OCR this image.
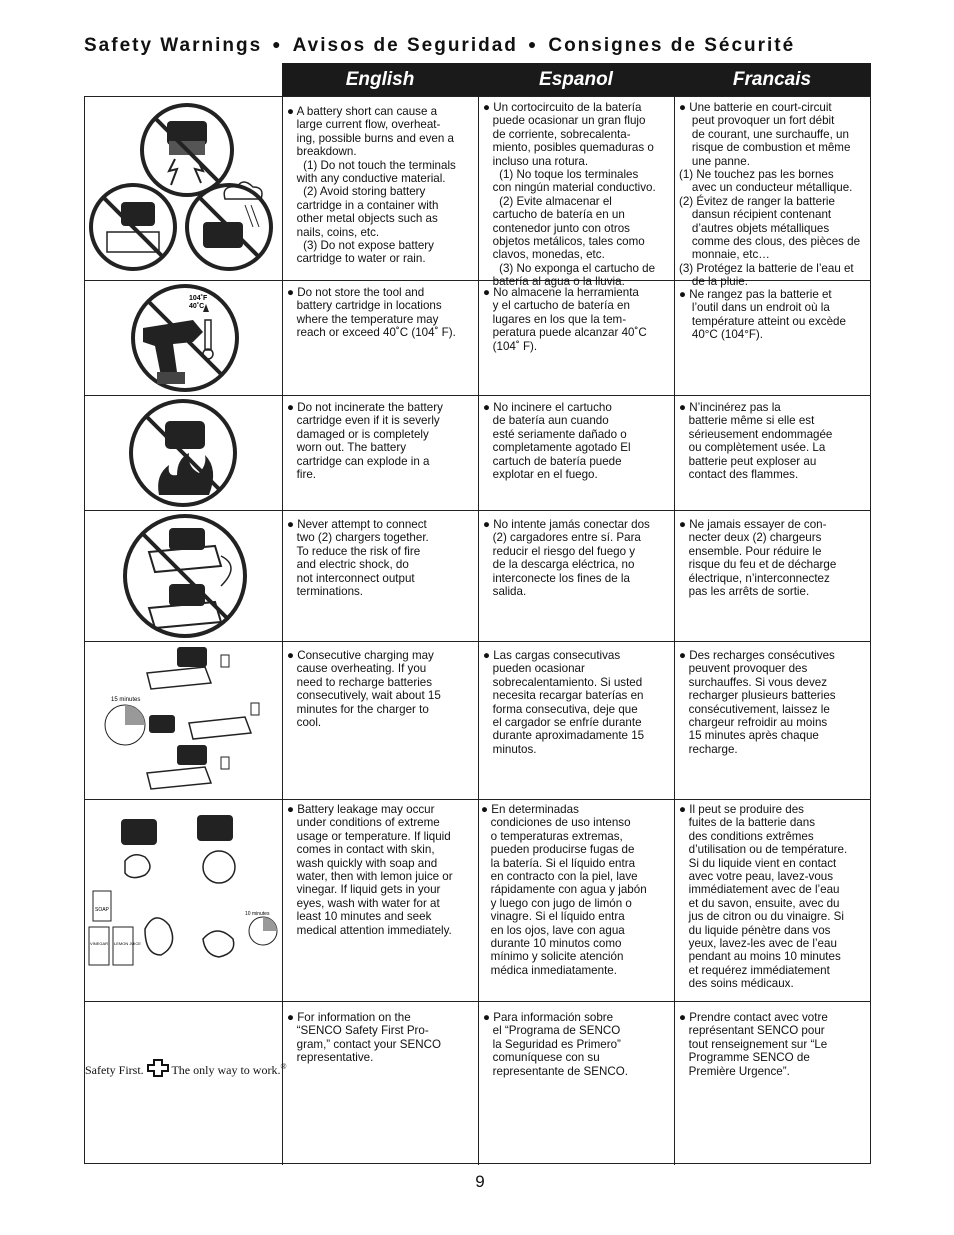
Safety Warnings ● Avisos de Seguridad ● Consignes de Sécurité
English	Espanol	Francais
● A battery short can cause a
large current flow, overheat-
ing, possible burns and even a
breakdown.
(1) Do not touch the terminals
with any conductive material.
(2) Avoid storing battery
cartridge in a container with
other metal objects such as
nails, coins, etc.
(3) Do not expose battery
cartridge to water or rain.
● Un cortocircuito de la batería
puede ocasionar un gran flujo
de corriente, sobrecalenta-
miento, posibles quemaduras o
incluso una rotura.
(1) No toque los terminales
con ningún material conductivo.
(2) Evite almacenar el
cartucho de batería en un
contenedor junto con otros
objetos metálicos, tales como
clavos, monedas, etc.
(3) No exponga el cartucho de
batería al agua o la lluvia.
● Une batterie en court-circuit
peut provoquer un fort débit
de courant, une surchauffe, un
risque de combustion et même
une panne.
(1) Ne touchez pas les bornes
avec un conducteur métallique.
(2) Évitez de ranger la batterie
dansun récipient contenant
d’autres objets métalliques
comme des clous, des pièces de
monnaie, etc…
(3) Protégez la batterie de l’eau et
de la pluie.
104˚F
40˚C
● Do not store the tool and
battery cartridge in locations
where the temperature may
reach or exceed 40˚C (104˚ F).
● No almacene la herramienta
y el cartucho de batería en
lugares en los que la tem-
peratura puede alcanzar 40˚C
(104˚ F).
● Ne rangez pas la batterie et
l’outil dans un endroit où la
température atteint ou excède
40°C (104°F).
● Do not incinerate the battery
cartridge even if it is severly
damaged or is completely
worn out. The battery
cartridge can explode in a
fire.
● No incinere el cartucho
de batería aun cuando
esté seriamente dañado o
completamente agotado El
cartuch de batería puede
explotar en el fuego.
● N’incinérez pas la
batterie même si elle est
sérieusement endommagée
ou complètement usée. La
batterie peut exploser au
contact des flammes.
● Never attempt to connect
two (2) chargers together.
To reduce the risk of fire
and electric shock, do
not interconnect output
terminations.
● No intente jamás conectar dos
(2) cargadores entre sí. Para
reducir el riesgo del fuego y
de la descarga eléctrica, no
interconecte los fines de la
salida.
● Ne jamais essayer de con-
necter deux (2) chargeurs
ensemble. Pour réduire le
risque du feu et de décharge
électrique, n’interconnectez
pas les arrêts de sortie.
15 minutes
● Consecutive charging may
cause overheating. If you
need to recharge batteries
consecutively, wait about 15
minutes for the charger to
cool.
● Las cargas consecutivas
pueden ocasionar
sobrecalentamiento. Si usted
necesita recargar baterías en
forma consecutiva, deje que
el cargador se enfríe durante
durante aproximadamente 15
minutos.
● Des recharges consécutives
peuvent provoquer des
surchauffes. Si vous devez
recharger plusieurs batteries
consécutivement, laissez le
chargeur refroidir au moins
15 minutes après chaque
recharge.
SOAP
VINEGAR LEMON JUICE
10 minutes
● Battery leakage may occur
under conditions of extreme
usage or temperature. If liquid
comes in contact with skin,
wash quickly with soap and
water, then with lemon juice or
vinegar. If liquid gets in your
eyes, wash with water for at
least 10 minutes and seek
medical attention immediately.
● En determinadas
condiciones de uso intenso
o temperaturas extremas,
pueden producirse fugas de
la batería. Si el líquido entra
en contracto con la piel, lave
rápidamente con agua y jabón
y luego con jugo de limón o
vinagre. Si el líquido entra
en los ojos, lave con agua
durante 10 minutos como
mínimo y solicite atención
médica inmediatamente.
● Il peut se produire des
fuites de la batterie dans
des conditions extrêmes
d’utilisation ou de température.
Si du liquide vient en contact
avec votre peau, lavez-vous
immédiatement avec de l’eau
et du savon, ensuite, avec du
jus de citron ou du vinaigre. Si
du liquide pénètre dans vos
yeux, lavez-les avec de l’eau
pendant au moins 10 minutes
et requérez immédiatement
des soins médicaux.
Safety First. The only way to work.®
● For information on the
“SENCO Safety First Pro-
gram,” contact your SENCO
representative.
● Para información sobre
el “Programa de SENCO
la Seguridad es Primero”
comuníquese con su
representante de SENCO.
● Prendre contact avec votre
représentant SENCO pour
tout renseignement sur “Le
Programme SENCO de
Première Urgence”.
9
